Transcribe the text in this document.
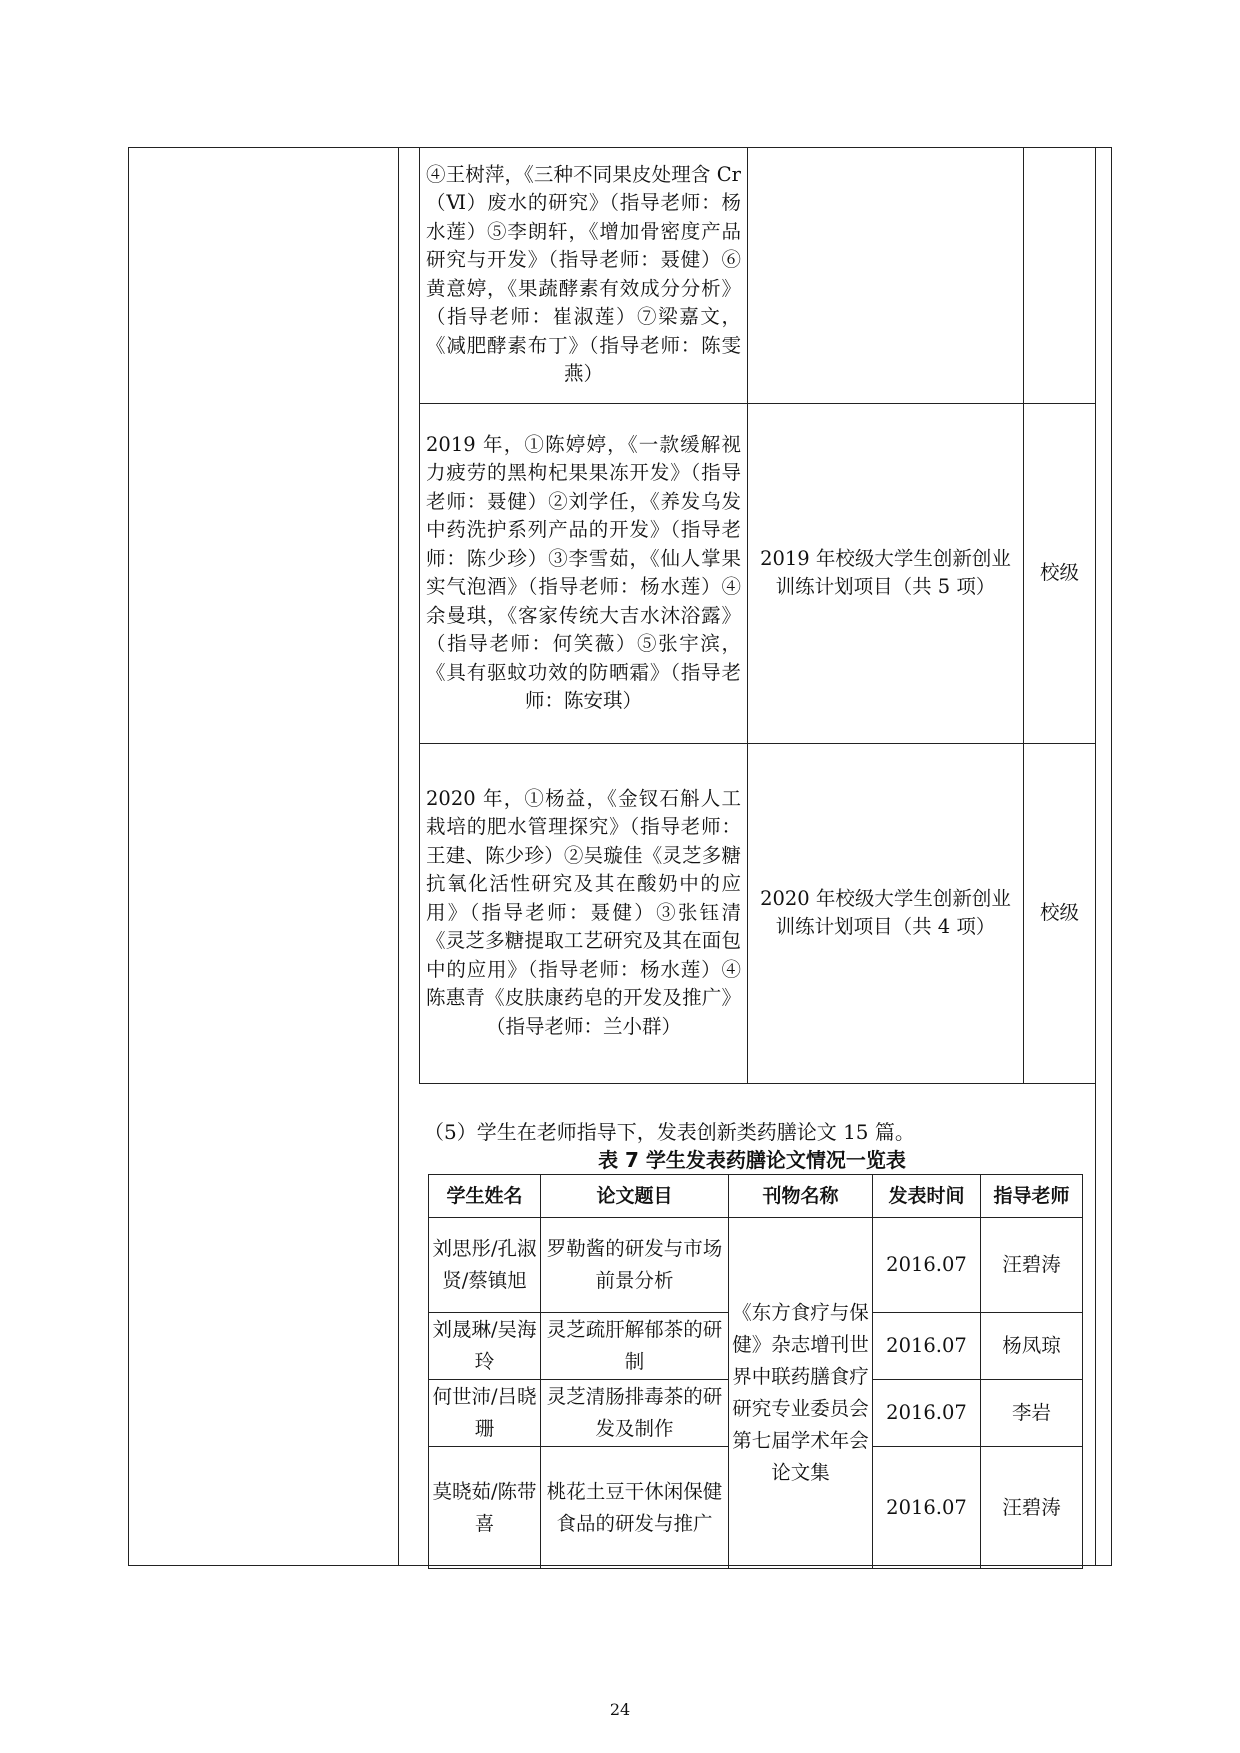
④王树萍，《三种不同果皮处理含 Cr（Ⅵ）废水的研究》（指导老师：杨水莲）⑤李朗轩，《增加骨密度产品研究与开发》（指导老师：聂健）⑥黄意婷，《果蔬酵素有效成分分析》（指导老师：崔淑莲）⑦梁嘉文，《减肥酵素布丁》（指导老师：陈雯燕）		
2019 年，①陈婷婷，《一款缓解视力疲劳的黑枸杞果果冻开发》（指导老师：聂健）②刘学任，《养发乌发中药洗护系列产品的开发》（指导老师：陈少珍）③李雪茹，《仙人掌果实气泡酒》（指导老师：杨水莲）④余曼琪，《客家传统大吉水沐浴露》（指导老师：何笑薇）⑤张宇滨，《具有驱蚊功效的防晒霜》（指导老师：陈安琪）	2019 年校级大学生创新创业训练计划项目（共 5 项）	校级
2020 年，①杨益，《金钗石斛人工栽培的肥水管理探究》（指导老师：王建、陈少珍）②吴璇佳《灵芝多糖抗氧化活性研究及其在酸奶中的应用》（指导老师：聂健）③张钰清《灵芝多糖提取工艺研究及其在面包中的应用》（指导老师：杨水莲）④陈惠青《皮肤康药皂的开发及推广》（指导老师：兰小群）	2020 年校级大学生创新创业训练计划项目（共 4 项）	校级
（5）学生在老师指导下，发表创新类药膳论文 15 篇。
表 7 学生发表药膳论文情况一览表
学生姓名	论文题目	刊物名称	发表时间	指导老师
刘思彤/孔淑贤/蔡镇旭	罗勒酱的研发与市场前景分析	《东方食疗与保健》杂志增刊世界中联药膳食疗研究专业委员会第七届学术年会论文集	2016.07	汪碧涛
刘晟琳/吴海玲	灵芝疏肝解郁茶的研制		2016.07	杨凤琼
何世沛/吕晓珊	灵芝清肠排毒茶的研发及制作		2016.07	李岩
莫晓茹/陈带喜	桃花土豆干休闲保健食品的研发与推广		2016.07	汪碧涛
24
